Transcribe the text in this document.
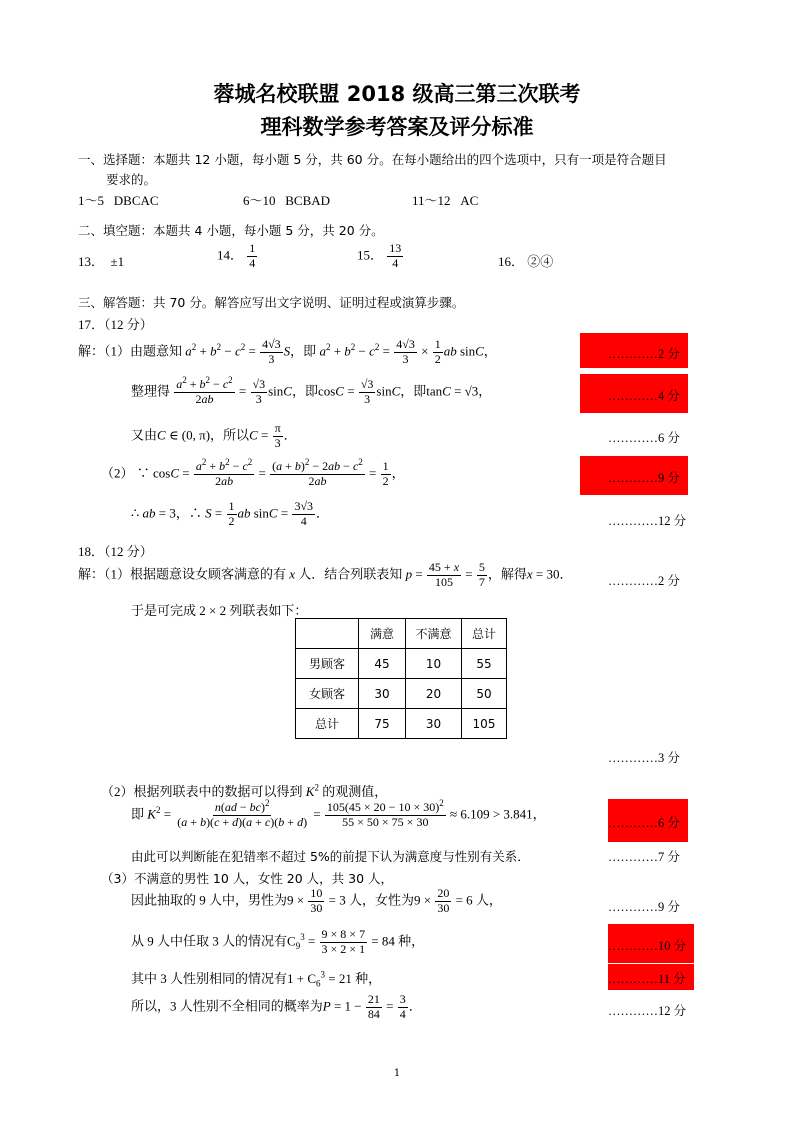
蓉城名校联盟 2018 级高三第三次联考
理科数学参考答案及评分标准
一、选择题：本题共 12 小题，每小题 5 分，共 60 分。在每小题给出的四个选项中，只有一项是符合题目
要求的。
1～5 DBCAC	6～10 BCBAD	11～12 AC
二、填空题：本题共 4 小题，每小题 5 分，共 20 分。
13． ±1	14． $\frac{1}{4}$	15． $\frac{13}{4}$	16． ②④
三、解答题：共 70 分。解答应写出文字说明、证明过程或演算步骤。
17．（12 分）
解：（1）由题意知 $a^2 + b^2 - c^2 = \frac{4√3}{3}$ S，即 $a^2 + b^2 - c^2 = \frac{4√3}{3} \times \frac{1}{2}$ ab sinC，	…………2 分
整理得 $\frac{a^2 + b^2 - c^2}{2ab} = \frac{√3}{3}$ sinC，即$\cos C = \frac{√3}{3}$ sinC，即tanC = √3，	…………4 分
又由C ∈ (0, π)，所以$C = \frac{\pi}{3}$ ．	…………6 分
（2） ∵ $\cos C = \frac{a^2 + b^2 - c^2}{2ab} = \frac{(a + b)^2 - 2ab - c^2}{2ab} = \frac{1}{2}$ ，	…………9 分
∴ ab = 3，∴ $S = \frac{1}{2}$ ab $\sin C = \frac{3√3}{4}$ ．
…………12 分
18．（12 分）
解：（1）根据题意设女顾客满意的有 x 人．结合列联表知 $p = \frac{45 + x}{105} = \frac{5}{7}$ ，解得x = 30．	…………2 分
于是可完成 2 × 2 列联表如下：
	满意	不满意	总计
男顾客	45	10	55
女顾客	30	20	50
总计	75	30	105
…………3 分
（2）根据列联表中的数据可以得到 $K^2$ 的观测值，
即 $K^2 = \frac{n(ad - bc)^2}{(a + b)(c + d)(a + c)(b + d)} = \frac{105(45 \times 20 - 10 \times 30)^2}{55 \times 50 \times 75 \times 30} \approx 6.109 > 3.841$，
…………6 分
由此可以判断能在犯错率不超过 5%的前提下认为满意度与性别有关系．	…………7 分
（3）不满意的男性 10 人，女性 20 人，共 30 人，
因此抽取的 9 人中，男性为$9 \times \frac{10}{30} = 3$ 人，女性为$9 \times \frac{20}{30} = 6$ 人，	…………9 分
从 9 人中任取 3 人的情况有$C_9^3 = \frac{9 \times 8 \times 7}{3 \times 2 \times 1} = 84$ 种，	…………10 分
其中 3 人性别相同的情况有$1 + C_6^3 = 21$ 种，	…………11 分
所以，3 人性别不全相同的概率为$P = 1 - \frac{21}{84} = \frac{3}{4}$ ．	…………12 分
1
